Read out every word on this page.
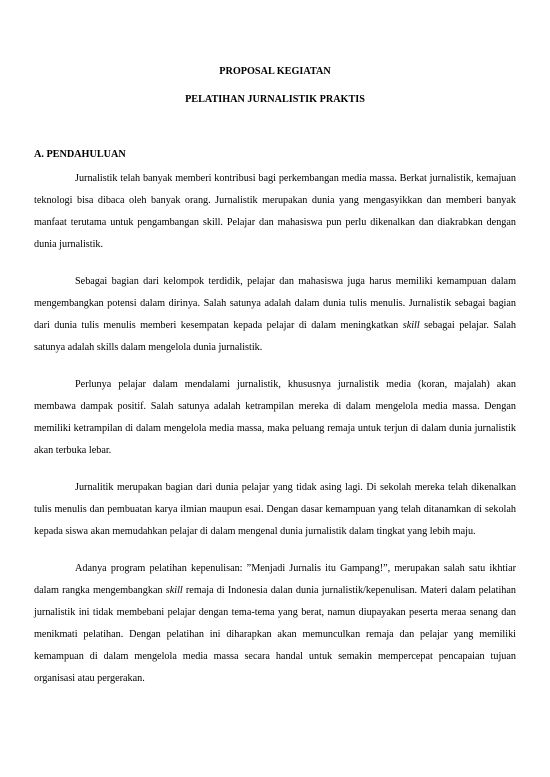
PROPOSAL KEGIATAN
PELATIHAN JURNALISTIK PRAKTIS
A. PENDAHULUAN

Jurnalistik telah banyak memberi kontribusi bagi perkembangan media massa. Berkat jurnalistik, kemajuan teknologi bisa dibaca oleh banyak orang. Jurnalistik merupakan dunia yang mengasyikkan dan memberi banyak manfaat terutama untuk pengambangan skill. Pelajar dan mahasiswa pun perlu dikenalkan dan diakrabkan dengan dunia jurnalistik.

Sebagai bagian dari kelompok terdidik, pelajar dan mahasiswa juga harus memiliki kemampuan dalam mengembangkan potensi dalam dirinya. Salah satunya adalah dalam dunia tulis menulis. Jurnalistik sebagai bagian dari dunia tulis menulis memberi kesempatan kepada pelajar di dalam meningkatkan skill sebagai pelajar. Salah satunya adalah skills dalam mengelola dunia jurnalistik.

Perlunya pelajar dalam mendalami jurnalistik, khususnya jurnalistik media (koran, majalah) akan membawa dampak positif. Salah satunya adalah ketrampilan mereka di dalam mengelola media massa. Dengan memiliki ketrampilan di dalam mengelola media massa, maka peluang remaja untuk terjun di dalam dunia jurnalistik akan terbuka lebar.

Jurnalitik merupakan bagian dari dunia pelajar yang tidak asing lagi. Di sekolah mereka telah dikenalkan tulis menulis dan pembuatan karya ilmian maupun esai. Dengan dasar kemampuan yang telah ditanamkan di sekolah kepada siswa akan memudahkan pelajar di dalam mengenal dunia jurnalistik dalam tingkat yang lebih maju.

Adanya program pelatihan kepenulisan: ”Menjadi Jurnalis itu Gampang!”, merupakan salah satu ikhtiar dalam rangka mengembangkan skill remaja di Indonesia dalan dunia jurnalistik/kepenulisan. Materi dalam pelatihan jurnalistik ini tidak membebani pelajar dengan tema-tema yang berat, namun diupayakan peserta meraa senang dan menikmati pelatihan. Dengan pelatihan ini diharapkan akan memunculkan remaja dan pelajar yang memiliki kemampuan di dalam mengelola media massa secara handal untuk semakin mempercepat pencapaian tujuan organisasi atau pergerakan.
